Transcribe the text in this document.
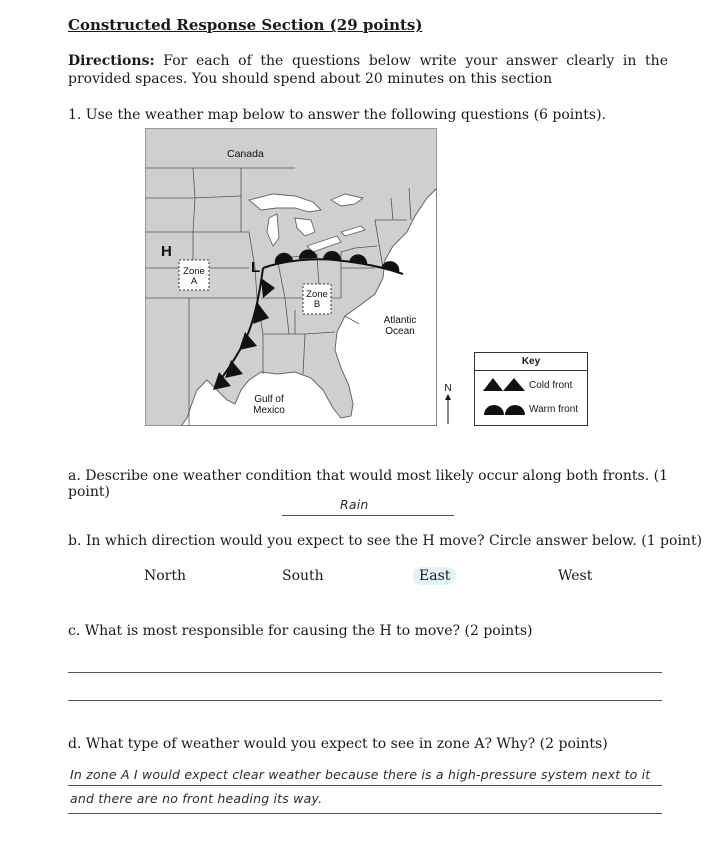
Constructed Response Section (29 points)
Directions: For each of the questions below write your answer clearly in the provided spaces. You should spend about 20 minutes on this section
1. Use the weather map below to answer the following questions (6 points).
Canada
H
L
Zone
A
Zone
B
Atlantic
Ocean
Gulf of
Mexico
N
Key
Cold front
Warm front
a. Describe one weather condition that would most likely occur along both fronts. (1 point)
Rain
b. In which direction would you expect to see the H move? Circle answer below. (1 point)
North	South	East	West
c. What is most responsible for causing the H to move? (2 points)
d. What type of weather would you expect to see in zone A? Why? (2 points)
In zone A I would expect clear weather because there is a high-pressure system next to it
and there are no front heading its way.
